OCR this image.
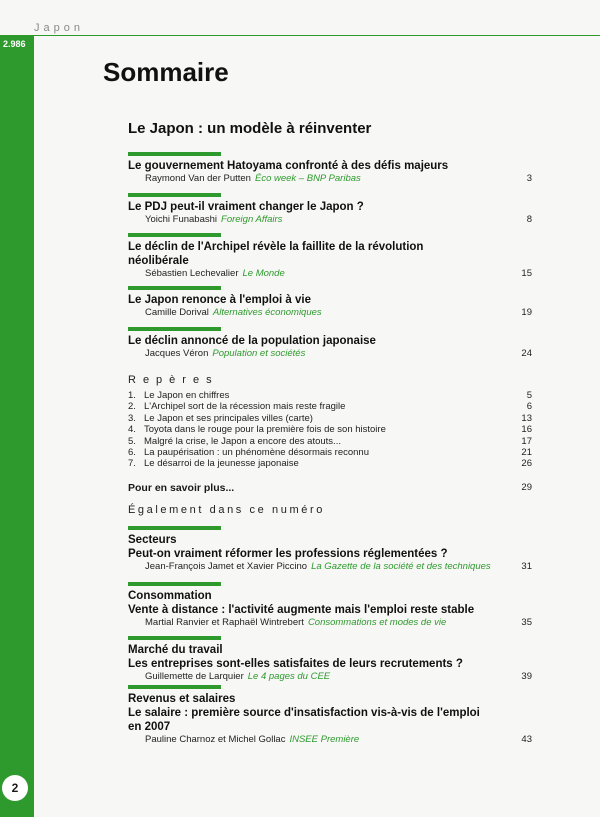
Japon
2.986
2
Sommaire
Le Japon : un modèle à réinventer
Le gouvernement Hatoyama confronté à des défis majeurs
Raymond Van der Putten Éco week – BNP Paribas	3
Le PDJ peut-il vraiment changer le Japon ?
Yoichi Funabashi Foreign Affairs	8
Le déclin de l'Archipel révèle la faillite de la révolution néolibérale
Sébastien Lechevalier Le Monde	15
Le Japon renonce à l'emploi à vie
Camille Dorival Alternatives économiques	19
Le déclin annoncé de la population japonaise
Jacques Véron Population et sociétés	24
Repères
1. Le Japon en chiffres	5
2. L'Archipel sort de la récession mais reste fragile	6
3. Le Japon et ses principales villes (carte)	13
4. Toyota dans le rouge pour la première fois de son histoire	16
5. Malgré la crise, le Japon a encore des atouts...	17
6. La paupérisation : un phénomène désormais reconnu	21
7. Le désarroi de la jeunesse japonaise	26
Pour en savoir plus...	29
Également dans ce numéro
Secteurs
Peut-on vraiment réformer les professions réglementées ?
Jean-François Jamet et Xavier Piccino La Gazette de la société et des techniques	31
Consommation
Vente à distance : l'activité augmente mais l'emploi reste stable
Martial Ranvier et Raphaël Wintrebert Consommations et modes de vie	35
Marché du travail
Les entreprises sont-elles satisfaites de leurs recrutements ?
Guillemette de Larquier Le 4 pages du CEE	39
Revenus et salaires
Le salaire : première source d'insatisfaction vis-à-vis de l'emploi en 2007
Pauline Charnoz et Michel Gollac INSEE Première	43
